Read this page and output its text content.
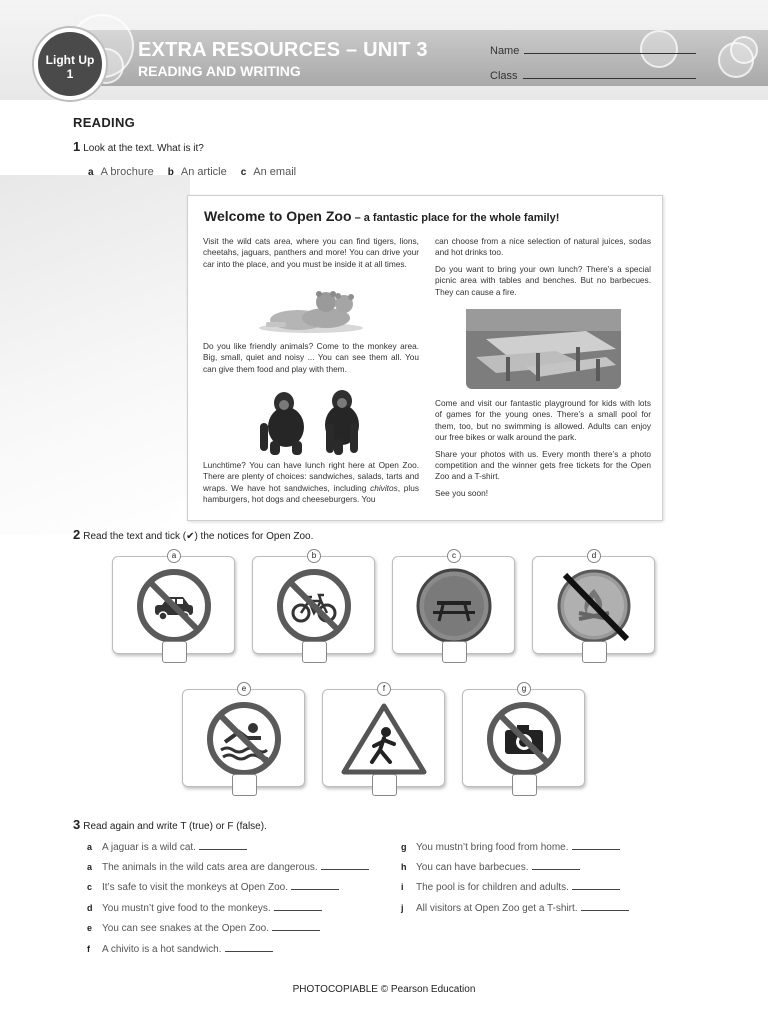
Light Up
1
EXTRA RESOURCES – UNIT 3
READING AND WRITING
Name
Class
READING
1 Look at the text. What is it?
a A brochure b An article c An email
Welcome to Open Zoo – a fantastic place for the whole family!

Visit the wild cats area, where you can find tigers, lions, cheetahs, jaguars, panthers and more! You can drive your car into the place, and you must be inside it at all times.

Do you like friendly animals? Come to the monkey area. Big, small, quiet and noisy ... You can see them all. You can give them food and play with them.

Lunchtime? You can have lunch right here at Open Zoo. There are plenty of choices: sandwiches, salads, tarts and wraps. We have hot sandwiches, including chivitos, plus hamburgers, hot dogs and cheeseburgers. You

can choose from a nice selection of natural juices, sodas and hot drinks too.

Do you want to bring your own lunch? There’s a special picnic area with tables and benches. But no barbecues. They can cause a fire.

Come and visit our fantastic playground for kids with lots of games for the young ones. There’s a small pool for them, too, but no swimming is allowed. Adults can enjoy our free bikes or walk around the park.

Share your photos with us. Every month there’s a photo competition and the winner gets free tickets for the Open Zoo and a T-shirt.

See you soon!

2 Read the text and tick (✔) the notices for Open Zoo.
a	b	c	d
e	f	g
3 Read again and write T (true) or F (false).
a A jaguar is a wild cat.
a The animals in the wild cats area are dangerous.
c It’s safe to visit the monkeys at Open Zoo.
d You mustn’t give food to the monkeys.
e You can see snakes at the Open Zoo.
f A chivito is a hot sandwich.
g You mustn’t bring food from home.
h You can have barbecues.
i The pool is for children and adults.
j All visitors at Open Zoo get a T-shirt.
PHOTOCOPIABLE © Pearson Education
